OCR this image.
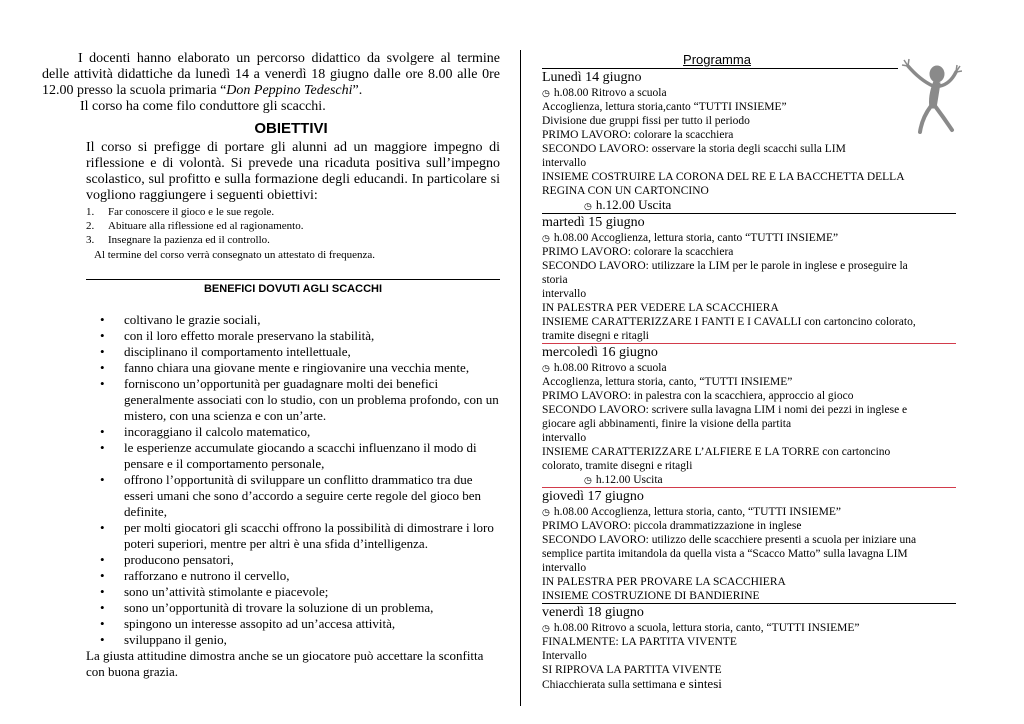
I docenti hanno elaborato un percorso didattico da svolgere al termine delle attività didattiche da lunedì 14 a venerdì 18 giugno dalle ore 8.00 alle 0re 12.00 presso la scuola primaria “Don Peppino Tedeschi”.

Il corso ha come filo conduttore gli scacchi.

OBIETTIVI

Il corso si prefigge di portare gli alunni ad un maggiore impegno di riflessione e di volontà. Si prevede una ricaduta positiva sull’impegno scolastico, sul profitto e sulla formazione degli educandi. In particolare si vogliono raggiungere i seguenti obiettivi:

1.	Far conoscere il gioco e le sue regole.
2.	Abituare alla riflessione ed al ragionamento.
3.	Insegnare la pazienza ed il controllo.

Al termine del corso verrà consegnato un attestato di frequenza.

BENEFICI DOVUTI AGLI SCACCHI
• coltivano le grazie sociali,
• con il loro effetto morale preservano la stabilità,
• disciplinano il comportamento intellettuale,
• fanno chiara una giovane mente e ringiovanire una vecchia mente,
• forniscono un’opportunità per guadagnare molti dei benefici generalmente associati con lo studio, con un problema profondo, con un mistero, con una scienza e con un’arte.
• incoraggiano il calcolo matematico,
• le esperienze accumulate giocando a scacchi influenzano il modo di pensare e il comportamento personale,
• offrono l’opportunità di sviluppare un conflitto drammatico tra due esseri umani che sono d’accordo a seguire certe regole del gioco ben definite,
• per molti giocatori gli scacchi offrono la possibilità di dimostrare i loro poteri superiori, mentre per altri è una sfida d’intelligenza.
• producono pensatori,
• rafforzano e nutrono il cervello,
• sono un’attività stimolante e piacevole;
• sono un’opportunità di trovare la soluzione di un problema,
• spingono un interesse assopito ad un’accesa attività,
• sviluppano il genio,

La giusta attitudine dimostra anche se un giocatore può accettare la sconfitta con buona grazia.

Programma

Lunedì 14 giugno

◷ h.08.00 Ritrovo a scuola

Accoglienza, lettura storia,canto “TUTTI INSIEME”

Divisione due gruppi fissi per tutto il periodo

PRIMO LAVORO: colorare la scacchiera

SECONDO LAVORO: osservare la storia degli scacchi sulla LIM

intervallo

INSIEME COSTRUIRE LA CORONA DEL RE E LA BACCHETTA DELLA

REGINA CON UN CARTONCINO

◷ h.12.00 Uscita

martedì 15 giugno

◷ h.08.00 Accoglienza, lettura storia, canto “TUTTI INSIEME”

PRIMO LAVORO: colorare la scacchiera

SECONDO LAVORO: utilizzare la LIM per le parole in inglese e proseguire la

storia

intervallo

IN PALESTRA PER VEDERE LA SCACCHIERA

INSIEME CARATTERIZZARE I FANTI E I CAVALLI con cartoncino colorato,

tramite disegni e ritagli

mercoledì 16 giugno

◷ h.08.00 Ritrovo a scuola

Accoglienza, lettura storia, canto, “TUTTI INSIEME”

PRIMO LAVORO: in palestra con la scacchiera, approccio al gioco

SECONDO LAVORO: scrivere sulla lavagna LIM i nomi dei pezzi in inglese e

giocare agli abbinamenti, finire la visione della partita

intervallo

INSIEME CARATTERIZZARE L’ALFIERE E LA TORRE con cartoncino

colorato, tramite disegni e ritagli

◷ h.12.00 Uscita

giovedì 17 giugno

◷ h.08.00 Accoglienza, lettura storia, canto, “TUTTI INSIEME”

PRIMO LAVORO: piccola drammatizzazione in inglese

SECONDO LAVORO: utilizzo delle scacchiere presenti a scuola per iniziare una

semplice partita imitandola da quella vista a “Scacco Matto” sulla lavagna LIM

intervallo

IN PALESTRA PER PROVARE LA SCACCHIERA

INSIEME COSTRUZIONE DI BANDIERINE

venerdì 18 giugno

◷ h.08.00 Ritrovo a scuola, lettura storia, canto, “TUTTI INSIEME”

FINALMENTE: LA PARTITA VIVENTE

Intervallo

SI RIPROVA LA PARTITA VIVENTE

Chiacchierata sulla settimana e sintesi
